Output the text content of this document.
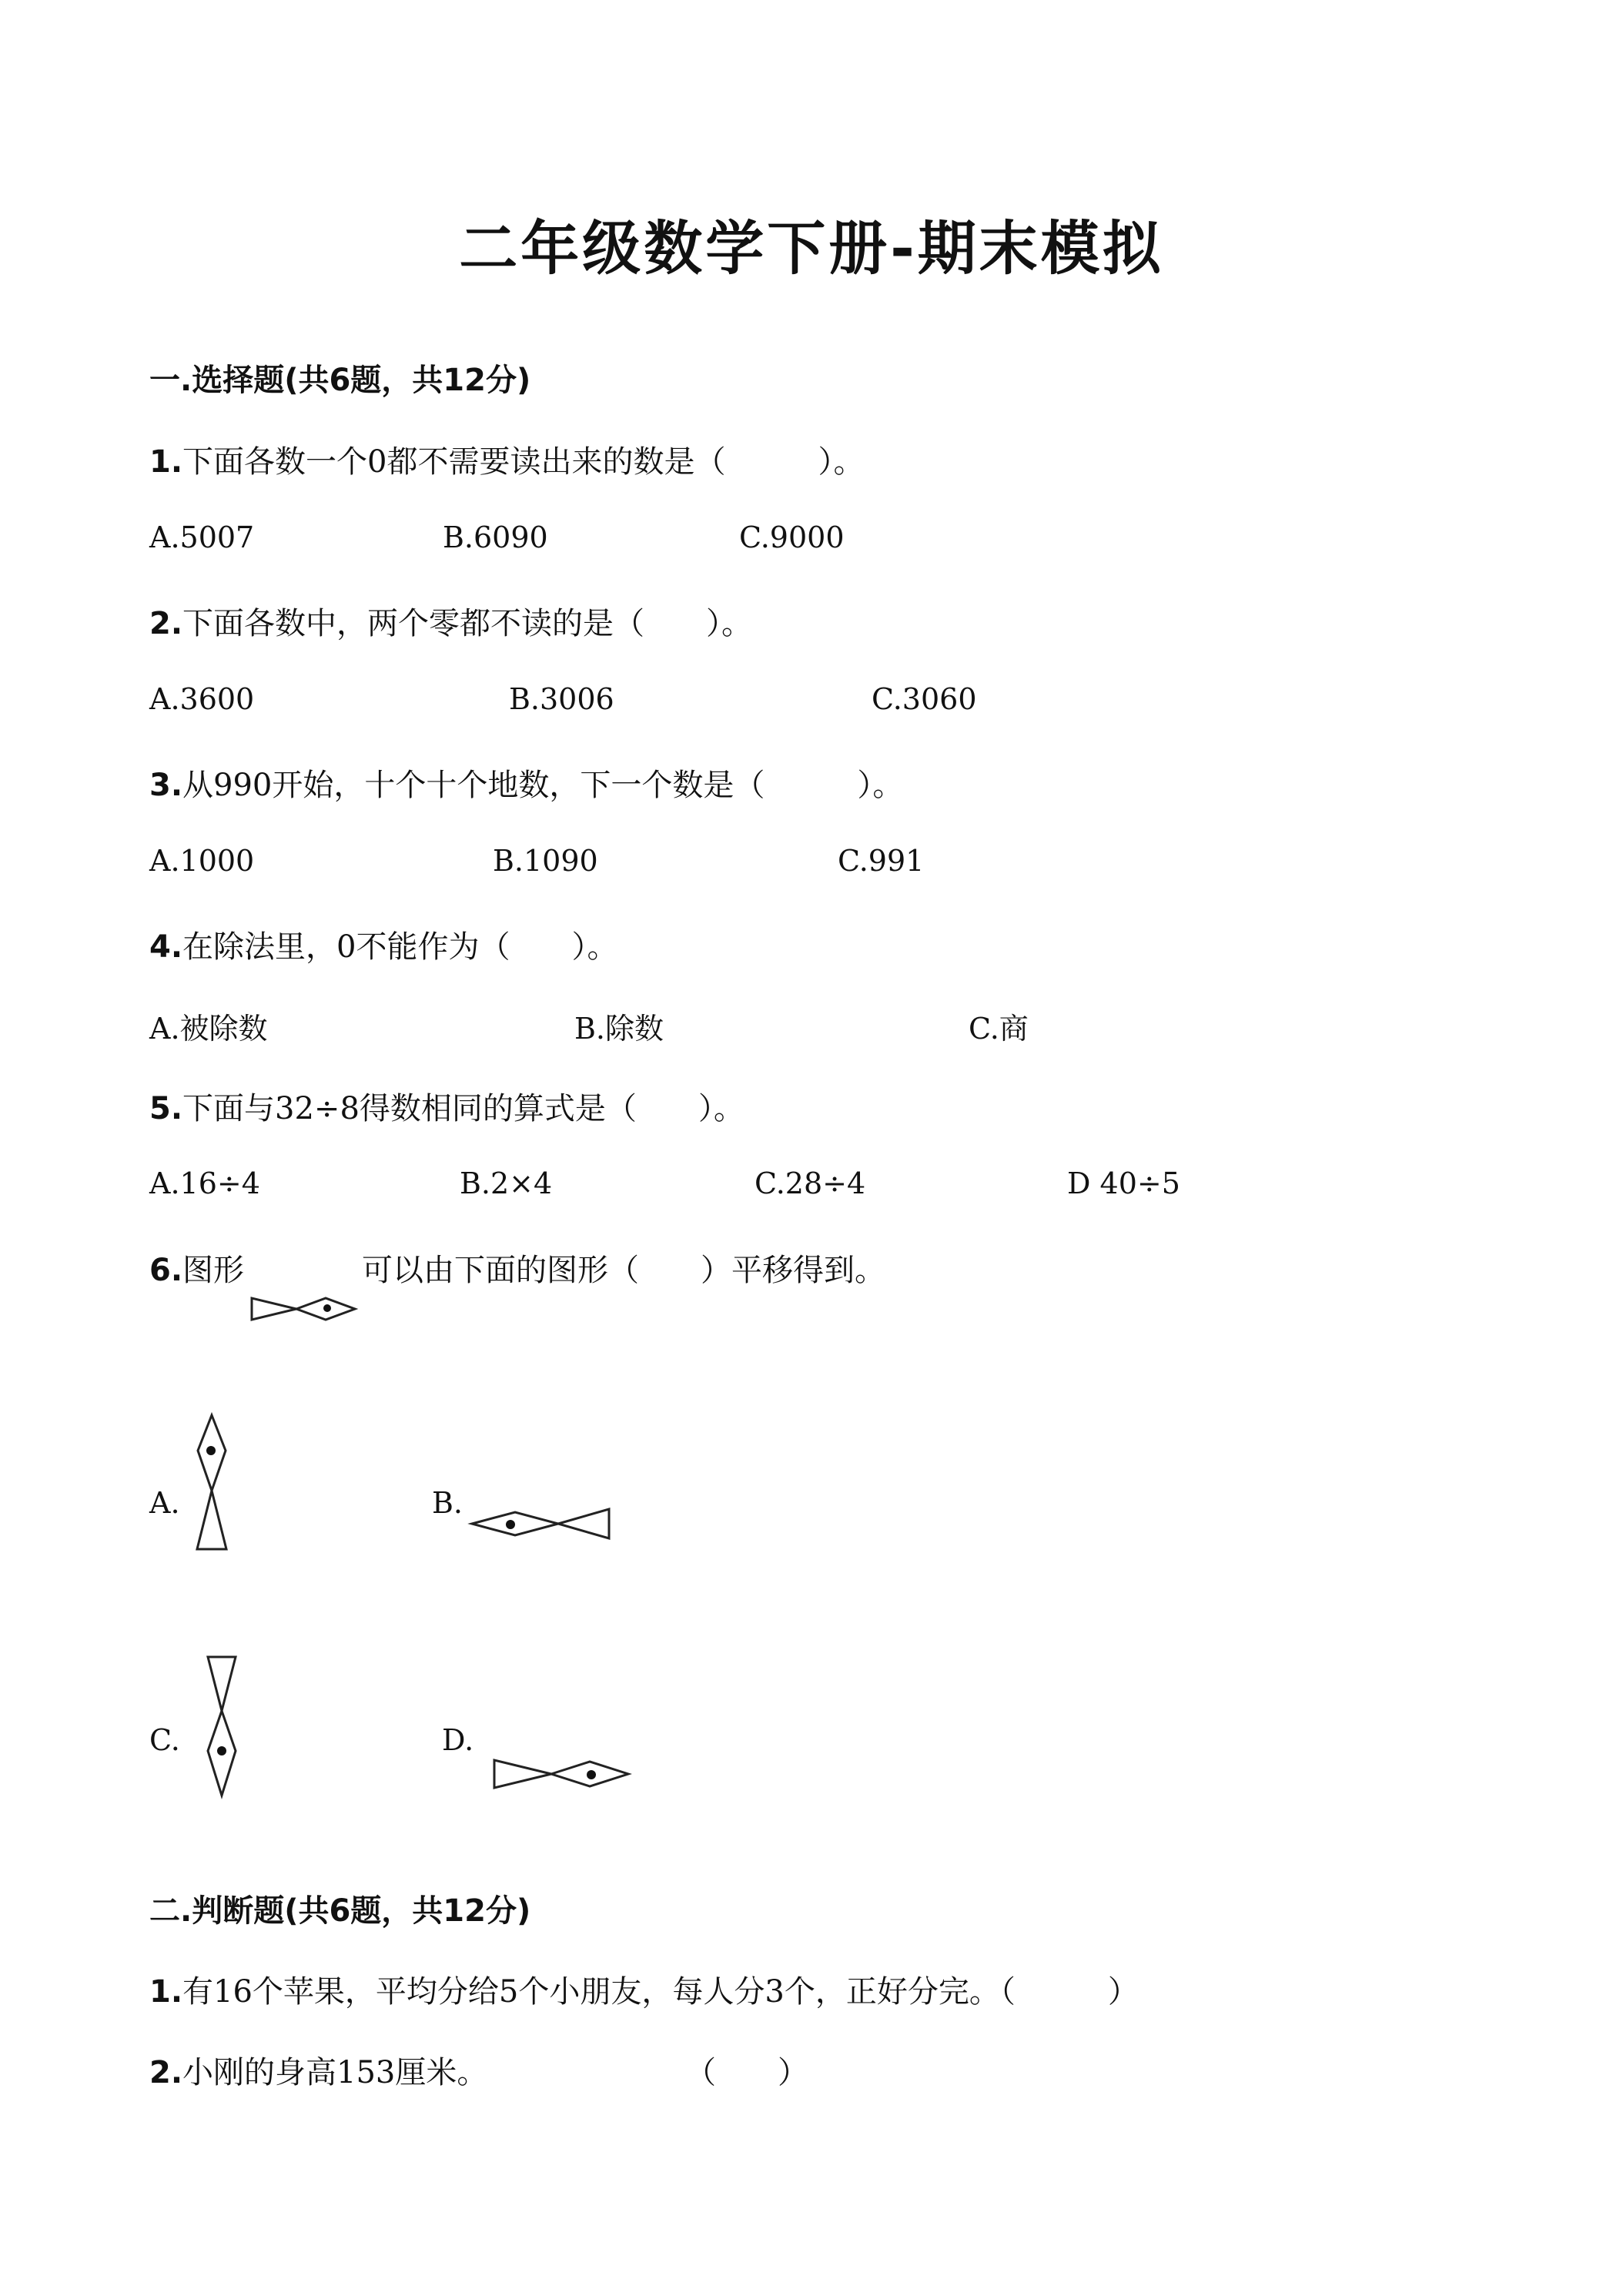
二年级数学下册-期末模拟
一.选择题(共6题，共12分)
1.下面各数一个0都不需要读出来的数是（　　　）。
A.5007	B.6090	C.9000
2.下面各数中，两个零都不读的是（　　）。
A.3600	B.3006	C.3060
3.从990开始，十个十个地数，下一个数是（　　　）。
A.1000	B.1090	C.991
4.在除法里，0不能作为（　　）。
A.被除数	B.除数	C.商
5.下面与32÷8得数相同的算式是（　　）。
A.16÷4	B.2×4	C.28÷4	D 40÷5
6.图形	可以由下面的图形（　　）平移得到。
A.	B.
C.	D.
二.判断题(共6题，共12分)
1.有16个苹果，平均分给5个小朋友，每人分3个，正好分完。（　　　）
2.小刚的身高153厘米。	（　　）
